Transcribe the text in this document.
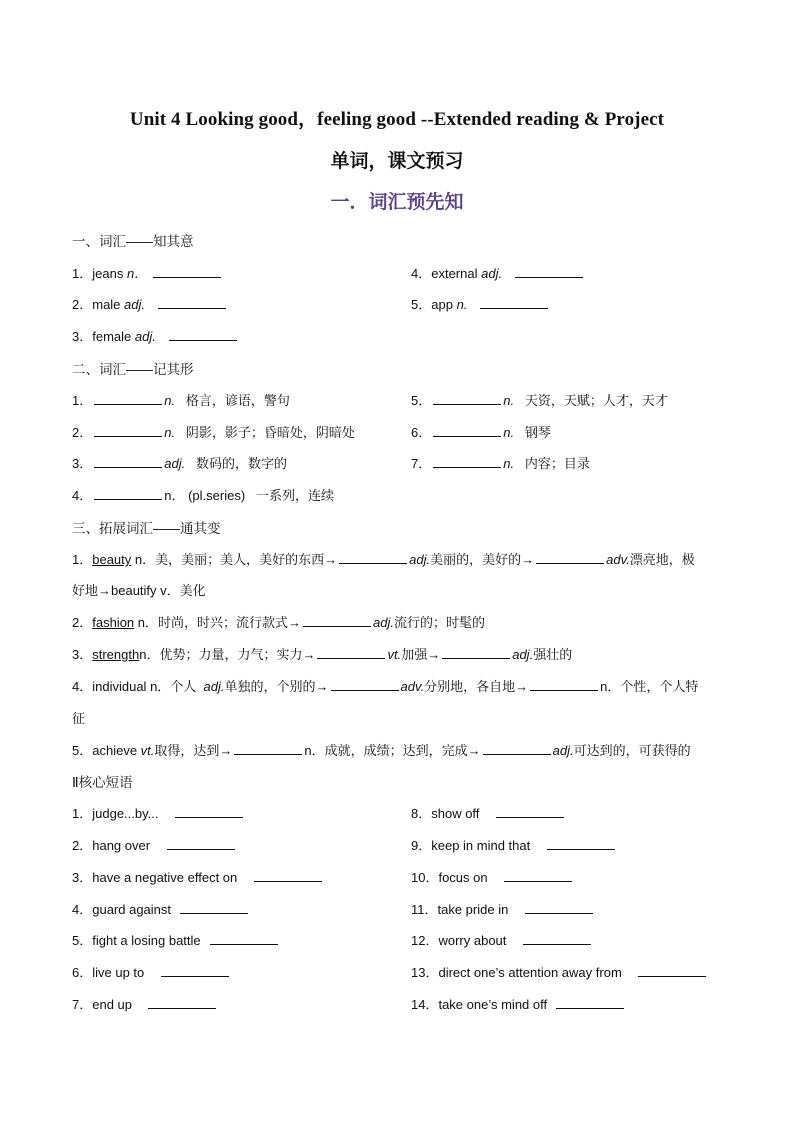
Unit 4 Looking good，feeling good --Extended reading & Project
单词，课文预习
一．词汇预先知
一、词汇——知其意
1．jeans n．
2．male adj.
3．female adj.
4．external adj.
5．app n.
二、词汇——记其形
1．	n. 格言，谚语，警句
2．	n. 阴影，影子；昏暗处，阴暗处
3．	adj. 数码的，数字的
4．	n． (pl.series) 一系列，连续
5．	n. 天资，天赋；人才，天才
6．	n. 钢琴
7．	n. 内容；目录
三、拓展词汇——通其变
1．beauty n．美，美丽；美人，美好的东西→	adj.美丽的，美好的→	adv.漂亮地，极
好地→beautify v．美化
2．fashion n．时尚，时兴；流行款式→	adj.流行的；时髦的
3．strengthn．优势；力量，力气；实力→	vt.加强→	adj.强壮的
4．individual n．个人 adj.单独的，个别的→	adv.分别地，各自地→	n．个性，个人特
征
5．achieve vt.取得，达到→	n．成就，成绩；达到，完成→	adj.可达到的，可获得的
Ⅱ核心短语
1．judge...by...
2．hang over
3．have a negative effect on
4．guard against
5．fight a losing battle
6．live up to
7．end up
8．show off
9．keep in mind that
10．focus on
11．take pride in
12．worry about
13．direct one’s attention away from
14．take one’s mind off
